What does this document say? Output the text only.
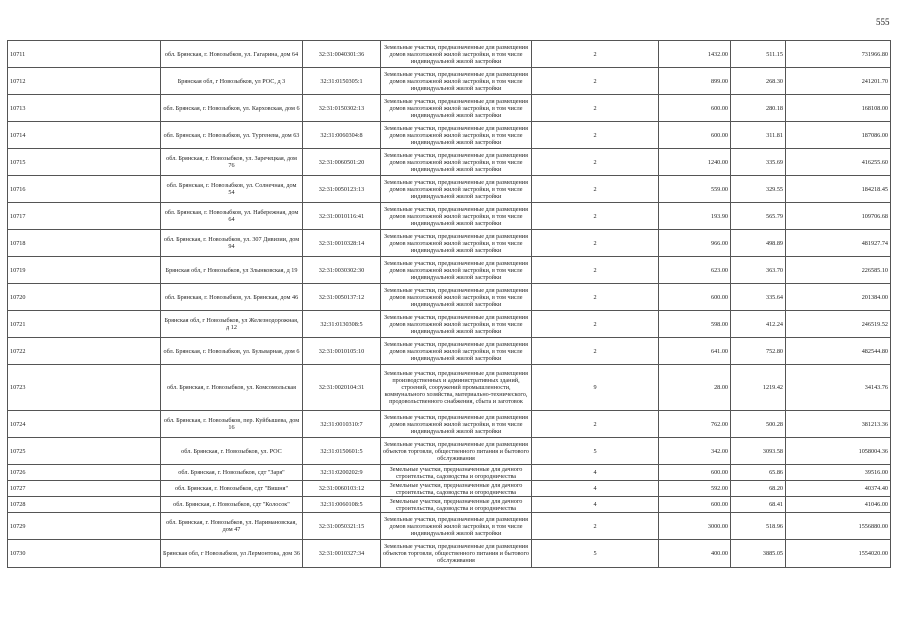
555
10711	обл. Брянская, г. Новозыбков, ул. Гагарина, дом 64	32:31:0040301:36	Земельные участки, предназначенные для размещения домов малоэтажной жилой застройки, в том числе индивидуальной жилой застройки	2	1432.00	511.15	731966.80
10712	Брянская обл, г Новозыбков, ул РОС, д 3	32:31:0150305:1	Земельные участки, предназначенные для размещения домов малоэтажной жилой застройки, в том числе индивидуальной жилой застройки	2	899.00	268.30	241201.70
10713	обл. Брянская, г. Новозыбков, ул. Карховская, дом 6	32:31:0150302:13	Земельные участки, предназначенные для размещения домов малоэтажной жилой застройки, в том числе индивидуальной жилой застройки	2	600.00	280.18	168108.00
10714	обл. Брянская, г. Новозыбков, ул. Тургенева, дом 63	32:31:0060304:8	Земельные участки, предназначенные для размещения домов малоэтажной жилой застройки, в том числе индивидуальной жилой застройки	2	600.00	311.81	187086.00
10715	обл. Брянская, г. Новозыбков, ул. Заречецкая, дом 76	32:31:0060501:20	Земельные участки, предназначенные для размещения домов малоэтажной жилой застройки, в том числе индивидуальной жилой застройки	2	1240.00	335.69	416255.60
10716	обл. Брянская, г. Новозыбков, ул. Солнечная, дом 54	32:31:0050123:13	Земельные участки, предназначенные для размещения домов малоэтажной жилой застройки, в том числе индивидуальной жилой застройки	2	559.00	329.55	184218.45
10717	обл. Брянская, г. Новозыбков, ул. Набережная, дом 64	32:31:0010116:41	Земельные участки, предназначенные для размещения домов малоэтажной жилой застройки, в том числе индивидуальной жилой застройки	2	193.90	565.79	109706.68
10718	обл. Брянская, г. Новозыбков, ул. 307 Дивизии, дом 94	32:31:0010328:14	Земельные участки, предназначенные для размещения домов малоэтажной жилой застройки, в том числе индивидуальной жилой застройки	2	966.00	498.89	481927.74
10719	Брянская обл, г Новозыбков, ул Злынковская, д 19	32:31:0030302:30	Земельные участки, предназначенные для размещения домов малоэтажной жилой застройки, в том числе индивидуальной жилой застройки	2	623.00	363.70	226585.10
10720	обл. Брянская, г. Новозыбков, ул. Брянская, дом 46	32:31:0050137:12	Земельные участки, предназначенные для размещения домов малоэтажной жилой застройки, в том числе индивидуальной жилой застройки	2	600.00	335.64	201384.00
10721	Брянская обл, г Новозыбков, ул Железнодорожная, д 12	32:31:0130308:5	Земельные участки, предназначенные для размещения домов малоэтажной жилой застройки, в том числе индивидуальной жилой застройки	2	598.00	412.24	246519.52
10722	обл. Брянская, г. Новозыбков, ул. Бульварная, дом 6	32:31:0010105:10	Земельные участки, предназначенные для размещения домов малоэтажной жилой застройки, в том числе индивидуальной жилой застройки	2	641.00	752.80	482544.80
10723	обл. Брянская, г. Новозыбков, ул. Комсомольская	32:31:0020104:31	Земельные участки, предназначенные для размещения производственных и административных зданий, строений, сооружений промышленности, коммунального хозяйства, материально-технического, продовольственного снабжения, сбыта и заготовок	9	28.00	1219.42	34143.76
10724	обл. Брянская, г. Новозыбков, пер. Куйбышева, дом 16	32:31:0010310:7	Земельные участки, предназначенные для размещения домов малоэтажной жилой застройки, в том числе индивидуальной жилой застройки	2	762.00	500.28	381213.36
10725	обл. Брянская, г. Новозыбков, ул. РОС	32:31:0150601:5	Земельные участки, предназначенные для размещения объектов торговли, общественного питания и бытового обслуживания	5	342.00	3093.58	1058004.36
10726	обл. Брянская, г. Новозыбков, сдт "Заря"	32:31:0200202:9	Земельные участки, предназначенные для дачного строительства, садоводства и огородничества	4	600.00	65.86	39516.00
10727	обл. Брянская, г. Новозыбков, сдт "Вишня"	32:31:0060103:12	Земельные участки, предназначенные для дачного строительства, садоводства и огородничества	4	592.00	68.20	40374.40
10728	обл. Брянская, г. Новозыбков, сдт "Колосок"	32:31:0060108:5	Земельные участки, предназначенные для дачного строительства, садоводства и огородничества	4	600.00	68.41	41046.00
10729	обл. Брянская, г. Новозыбков, ул. Наримановская, дом 47	32:31:0050321:15	Земельные участки, предназначенные для размещения домов малоэтажной жилой застройки, в том числе индивидуальной жилой застройки	2	3000.00	518.96	1556880.00
10730	Брянская обл, г Новозыбков, ул Лермонтова, дом 36	32:31:0010327:34	Земельные участки, предназначенные для размещения объектов торговли, общественного питания и бытового обслуживания	5	400.00	3885.05	1554020.00
